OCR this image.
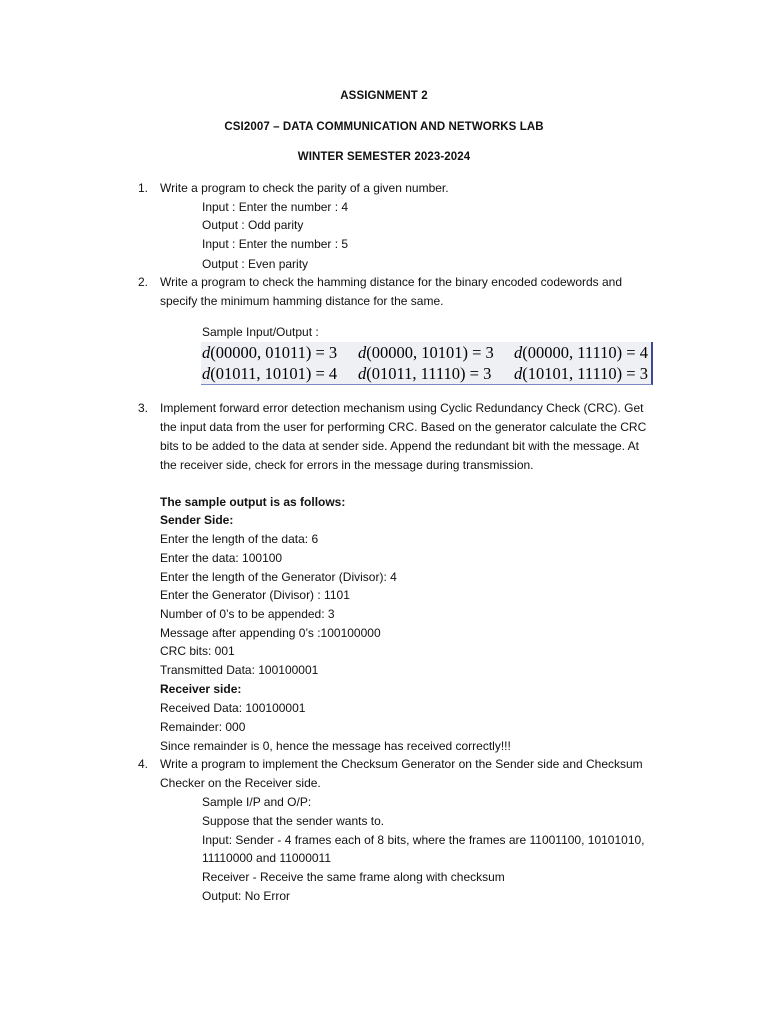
ASSIGNMENT 2
CSI2007 – DATA COMMUNICATION AND NETWORKS LAB
WINTER SEMESTER 2023-2024
1. Write a program to check the parity of a given number.
Input : Enter the number : 4
Output : Odd parity
Input : Enter the number : 5
Output : Even parity
2. Write a program to check the hamming distance for the binary encoded codewords and
specify the minimum hamming distance for the same.
Sample Input/Output :
d(00000, 01011) = 3 d(00000, 10101) = 3 d(00000, 11110) = 4
d(01011, 10101) = 4 d(01011, 11110) = 3 d(10101, 11110) = 3
3. Implement forward error detection mechanism using Cyclic Redundancy Check (CRC). Get
the input data from the user for performing CRC. Based on the generator calculate the CRC
bits to be added to the data at sender side. Append the redundant bit with the message. At
the receiver side, check for errors in the message during transmission.
The sample output is as follows:
Sender Side:
Enter the length of the data: 6
Enter the data: 100100
Enter the length of the Generator (Divisor): 4
Enter the Generator (Divisor) : 1101
Number of 0’s to be appended: 3
Message after appending 0’s :100100000
CRC bits: 001
Transmitted Data: 100100001
Receiver side:
Received Data: 100100001
Remainder: 000
Since remainder is 0, hence the message has received correctly!!!
4. Write a program to implement the Checksum Generator on the Sender side and Checksum
Checker on the Receiver side.
Sample I/P and O/P:
Suppose that the sender wants to.
Input: Sender - 4 frames each of 8 bits, where the frames are 11001100, 10101010,
11110000 and 11000011
Receiver - Receive the same frame along with checksum
Output: No Error
